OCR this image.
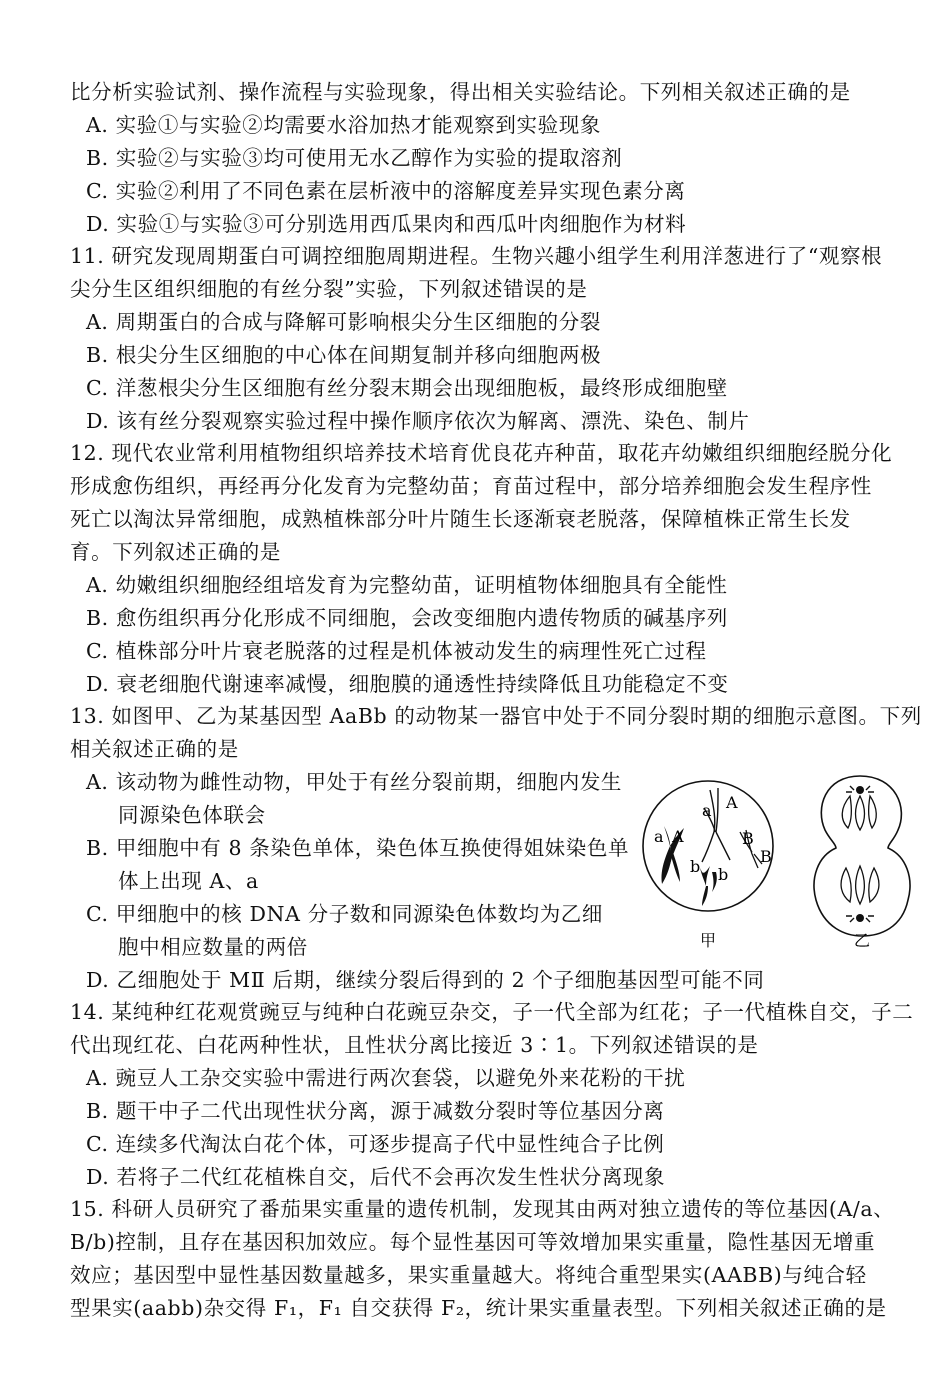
比分析实验试剂、操作流程与实验现象，得出相关实验结论。下列相关叙述正确的是
A. 实验①与实验②均需要水浴加热才能观察到实验现象
B. 实验②与实验③均可使用无水乙醇作为实验的提取溶剂
C. 实验②利用了不同色素在层析液中的溶解度差异实现色素分离
D. 实验①与实验③可分别选用西瓜果肉和西瓜叶肉细胞作为材料
11. 研究发现周期蛋白可调控细胞周期进程。生物兴趣小组学生利用洋葱进行了“观察根
尖分生区组织细胞的有丝分裂”实验，下列叙述错误的是
A. 周期蛋白的合成与降解可影响根尖分生区细胞的分裂
B. 根尖分生区细胞的中心体在间期复制并移向细胞两极
C. 洋葱根尖分生区细胞有丝分裂末期会出现细胞板，最终形成细胞壁
D. 该有丝分裂观察实验过程中操作顺序依次为解离、漂洗、染色、制片
12. 现代农业常利用植物组织培养技术培育优良花卉种苗，取花卉幼嫩组织细胞经脱分化
形成愈伤组织，再经再分化发育为完整幼苗；育苗过程中，部分培养细胞会发生程序性
死亡以淘汰异常细胞，成熟植株部分叶片随生长逐渐衰老脱落，保障植株正常生长发
育。下列叙述正确的是
A. 幼嫩组织细胞经组培发育为完整幼苗，证明植物体细胞具有全能性
B. 愈伤组织再分化形成不同细胞，会改变细胞内遗传物质的碱基序列
C. 植株部分叶片衰老脱落的过程是机体被动发生的病理性死亡过程
D. 衰老细胞代谢速率减慢，细胞膜的通透性持续降低且功能稳定不变
13. 如图甲、乙为某基因型 AaBb 的动物某一器官中处于不同分裂时期的细胞示意图。下列
相关叙述正确的是
A. 该动物为雌性动物，甲处于有丝分裂前期，细胞内发生
同源染色体联会
B. 甲细胞中有 8 条染色单体，染色体互换使得姐妹染色单
体上出现 A、a
C. 甲细胞中的核 DNA 分子数和同源染色体数均为乙细
胞中相应数量的两倍
D. 乙细胞处于 MⅡ 后期，继续分裂后得到的 2 个子细胞基因型可能不同
14. 某纯种红花观赏豌豆与纯种白花豌豆杂交，子一代全部为红花；子一代植株自交，子二
代出现红花、白花两种性状，且性状分离比接近 3∶1。下列叙述错误的是
A. 豌豆人工杂交实验中需进行两次套袋，以避免外来花粉的干扰
B. 题干中子二代出现性状分离，源于减数分裂时等位基因分离
C. 连续多代淘汰白花个体，可逐步提高子代中显性纯合子比例
D. 若将子二代红花植株自交，后代不会再次发生性状分离现象
15. 科研人员研究了番茄果实重量的遗传机制，发现其由两对独立遗传的等位基因(A/a、
B/b)控制，且存在基因积加效应。每个显性基因可等效增加果实重量，隐性基因无增重
效应；基因型中显性基因数量越多，果实重量越大。将纯合重型果实(AABB)与纯合轻
型果实(aabb)杂交得 F₁，F₁ 自交获得 F₂，统计果实重量表型。下列相关叙述正确的是
a A
a A
b b
B
B
甲	乙
